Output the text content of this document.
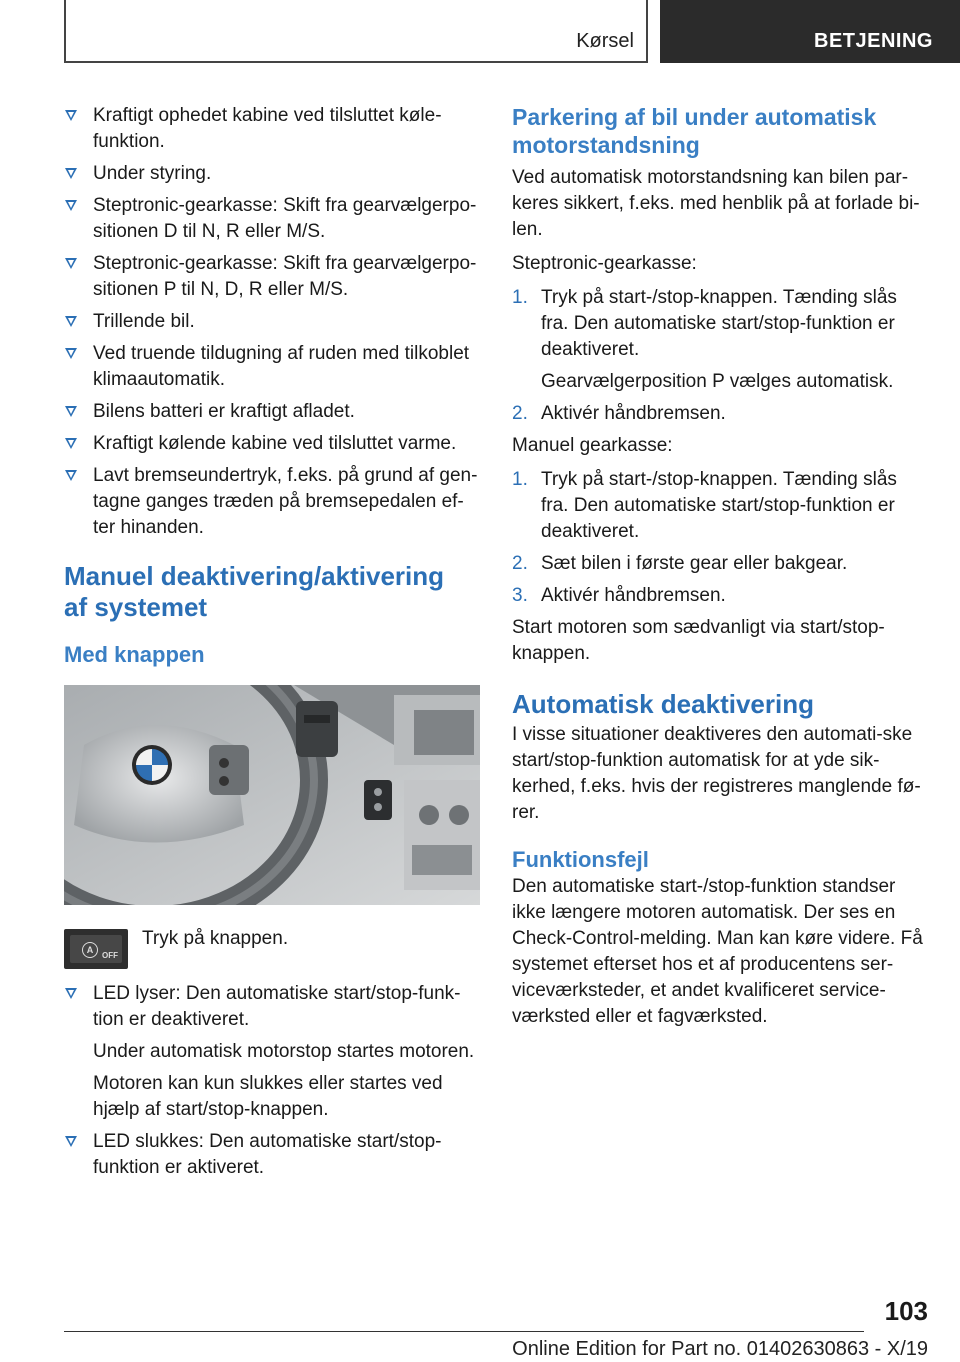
Kørsel	BETJENING

Kraftigt ophedet kabine ved tilsluttet køle-funktion.

Under styring.

Steptronic-gearkasse: Skift fra gearvælgerpo-sitionen D til N, R eller M/S.

Steptronic-gearkasse: Skift fra gearvælgerpo-sitionen P til N, D, R eller M/S.

Trillende bil.

Ved truende tildugning af ruden med tilkoblet klimaautomatik.

Bilens batteri er kraftigt afladet.

Kraftigt kølende kabine ved tilsluttet varme.

Lavt bremseundertryk, f.eks. på grund af gen-tagne ganges træden på bremsepedalen ef-ter hinanden.

Manuel deaktivering/aktivering af systemet
Med knappen
A
OFF
Tryk på knappen.

LED lyser: Den automatiske start/stop-funk-tion er deaktiveret.

Under automatisk motorstop startes motoren.

Motoren kan kun slukkes eller startes ved hjælp af start/stop-knappen.

LED slukkes: Den automatiske start/stop-funktion er aktiveret.

Parkering af bil under automatisk motorstandsning

Ved automatisk motorstandsning kan bilen par-keres sikkert, f.eks. med henblik på at forlade bi-len.

Steptronic-gearkasse:

1. Tryk på start-/stop-knappen. Tænding slås fra. Den automatiske start/stop-funktion er deaktiveret.

Gearvælgerposition P vælges automatisk.

2. Aktivér håndbremsen.

Manuel gearkasse:

1. Tryk på start-/stop-knappen. Tænding slås fra. Den automatiske start/stop-funktion er deaktiveret.

2. Sæt bilen i første gear eller bakgear.

3. Aktivér håndbremsen.

Start motoren som sædvanligt via start/stop-knappen.

Automatisk deaktivering

I visse situationer deaktiveres den automati-ske start/stop-funktion automatisk for at yde sik-kerhed, f.eks. hvis der registreres manglende fø-rer.

Funktionsfejl

Den automatiske start-/stop-funktion standser ikke længere motoren automatisk. Der ses en Check-Control-melding. Man kan køre videre. Få systemet efterset hos et af producentens ser-viceværksteder, et andet kvalificeret service-værksted eller et fagværksted.

103
Online Edition for Part no. 01402630863 - X/19
